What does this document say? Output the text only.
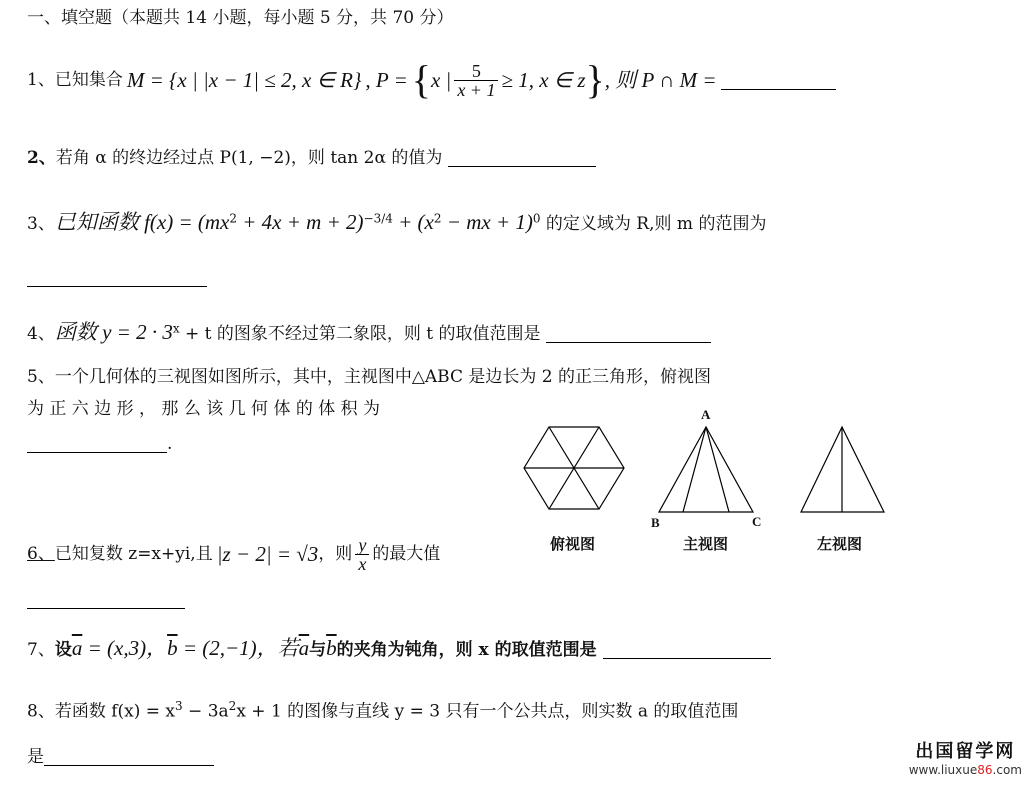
一、填空题（本题共 14 小题，每小题 5 分，共 70 分）
1、 已知集合 M = {x | |x − 1| ≤ 2, x ∈ R} , P = { x | $\frac{5}{x + 1} \ge 1$, x ∈ z } , 则 P ∩ M =
2、若角 α 的终边经过点 P(1, −2)，则 tan 2α 的值为
3、已知函数 $f(x) = (mx^2 + 4x + m + 2)^{-3/4} + (x^2$ − mx + 1)$^0$ 的定义域为 R,则 m 的范围为
4、函数 $y = 2 \cdot 3^x + t$ 的图象不经过第二象限，则 t 的取值范围是
5、一个几何体的三视图如图所示，其中，主视图中△ABC 是边长为 2 的正三角形，俯视图
为 正 六 边 形 ， 那 么 该 几 何 体 的 体 积 为
.
A
B	C
俯视图	主视图	左视图
6、 已知复数 z=x+yi,且 |z − 2| = √3 ，则 $\frac{y}{x}$ 的最大值
7、设$\overline{a} = (x,3)$，$\overline{b} = (2,-1)$，若$\overline{a}$与$\overline{b}$的夹角为钝角，则 x 的取值范围是
8、若函数 $f(x) = x^3 - 3a^2x + 1$ 的图像与直线 y = 3 只有一个公共点，则实数 a 的取值范围
是	出国留学网
www.liuxue86.com
